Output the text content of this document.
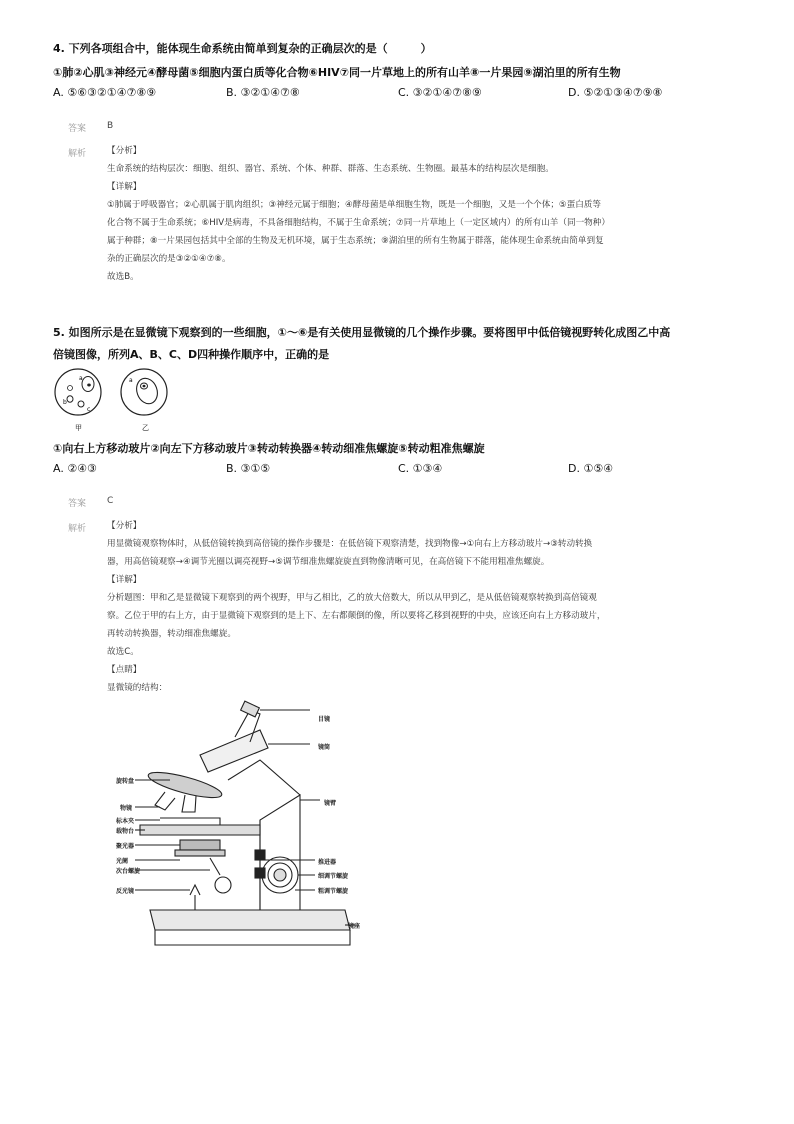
4. 下列各项组合中，能体现生命系统由简单到复杂的正确层次的是（　　　）
①肺②心肌③神经元④酵母菌⑤细胞内蛋白质等化合物⑥HIV⑦同一片草地上的所有山羊⑧一片果园⑨湖泊里的所有生物
A. ⑤⑥③②①④⑦⑧⑨	B. ③②①④⑦⑧	C. ③②①④⑦⑧⑨	D. ⑤②①③④⑦⑨⑧
答案 B
解析 【分析】
生命系统的结构层次：细胞、组织、器官、系统、个体、种群、群落、生态系统、生物圈。最基本的结构层次是细胞。
【详解】
①肺属于呼吸器官；②心肌属于肌肉组织；③神经元属于细胞；④酵母菌是单细胞生物，既是一个细胞，又是一个个体；⑤蛋白质等
化合物不属于生命系统；⑥HIV是病毒，不具备细胞结构，不属于生命系统；⑦同一片草地上（一定区域内）的所有山羊（同一物种）
属于种群；⑧一片果园包括其中全部的生物及无机环境，属于生态系统；⑨湖泊里的所有生物属于群落，能体现生命系统由简单到复
杂的正确层次的是③②①④⑦⑧。
故选B。
5. 如图所示是在显微镜下观察到的一些细胞，①～⑥是有关使用显微镜的几个操作步骤。要将图甲中低倍镜视野转化成图乙中高
倍镜图像，所列A、B、C、D四种操作顺序中，正确的是
a
b
c
甲
a
乙
①向右上方移动玻片②向左下方移动玻片③转动转换器④转动细准焦螺旋⑤转动粗准焦螺旋
A. ②④③	B. ③①⑤	C. ①③④	D. ①⑤④
答案 C
解析 【分析】
用显微镜观察物体时，从低倍镜转换到高倍镜的操作步骤是：在低倍镜下观察清楚，找到物像→①向右上方移动玻片→③转动转换
器，用高倍镜观察→④调节光圈以调亮视野→⑤调节细准焦螺旋旋直到物像清晰可见，在高倍镜下不能用粗准焦螺旋。
【详解】
分析题图：甲和乙是显微镜下观察到的两个视野，甲与乙相比，乙的放大倍数大，所以从甲到乙，是从低倍镜观察转换到高倍镜观
察。乙位于甲的右上方，由于显微镜下观察到的是上下、左右都颠倒的像，所以要将乙移到视野的中央，应该还向右上方移动玻片，
再转动转换器，转动细准焦螺旋。
故选C。
【点睛】
显微镜的结构：
目镜
镜筒
镜臂
旋转盘
物镜
标本夹
载物台
聚光器
光阑
次台螺旋
反光镜
推进器
细调节螺旋
粗调节螺旋
镜座
